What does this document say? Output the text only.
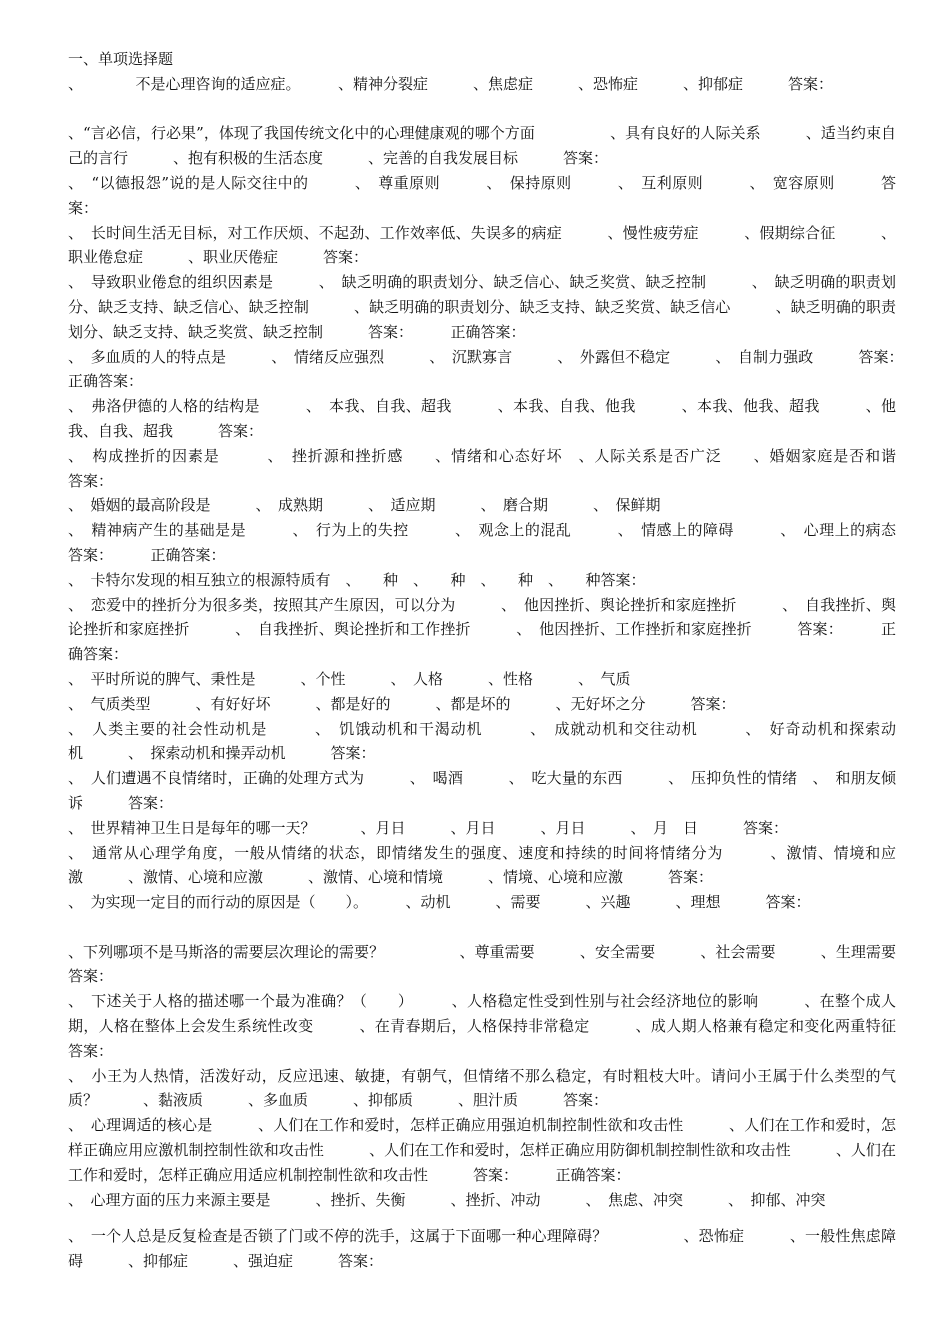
一、单项选择题

、　　　　不是心理咨询的适应症。　　　、精神分裂症　　　、焦虑症　　　、恐怖症　　　、抑郁症　　　答案：

、“言必信，行必果”，体现了我国传统文化中的心理健康观的哪个方面　　　　　、具有良好的人际关系　　　、适当约束自己的言行　　　、抱有积极的生活态度　　　、完善的自我发展目标　　　答案：

、　“以德报怨”说的是人际交往中的　　　、　尊重原则　　　、　保持原则　　　、　互利原则　　　、　宽容原则　　　答案：

、　长时间生活无目标，对工作厌烦、不起劲、工作效率低、失误多的病症　　　、慢性疲劳症　　　、假期综合征　　　、职业倦怠症　　　、职业厌倦症　　　答案：

、　导致职业倦怠的组织因素是　　　、　缺乏明确的职责划分、缺乏信心、缺乏奖赏、缺乏控制　　　、　缺乏明确的职责划分、缺乏支持、缺乏信心、缺乏控制　　　、缺乏明确的职责划分、缺乏支持、缺乏奖赏、缺乏信心　　　、缺乏明确的职责划分、缺乏支持、缺乏奖赏、缺乏控制　　　答案：　　　正确答案：

、　多血质的人的特点是　　　、　情绪反应强烈　　　、　沉默寡言　　　、　外露但不稳定　　　、　自制力强政　　　答案：　　　正确答案：

、　弗洛伊德的人格的结构是　　　、　本我、自我、超我　　　、本我、自我、他我　　　、本我、他我、超我　　　、他我、自我、超我　　　答案：

、　构成挫折的因素是　　　、　挫折源和挫折感　　、情绪和心态好坏　、人际关系是否广泛　　、婚姻家庭是否和谐　　　答案：

、　婚姻的最高阶段是　　　、　成熟期　　　、　适应期　　　、　磨合期　　　、　保鲜期

、　精神病产生的基础是是　　　、　行为上的失控　　　、　观念上的混乱　　　、　情感上的障碍　　　、　心理上的病态　　　答案：　　　正确答案：

、　卡特尔发现的相互独立的根源特质有　、　　种　、　　种　、　　种　、　　种答案：

、　恋爱中的挫折分为很多类，按照其产生原因，可以分为　　　、　他因挫折、舆论挫折和家庭挫折　　　、　自我挫折、舆论挫折和家庭挫折　　　、　自我挫折、舆论挫折和工作挫折　　　、　他因挫折、工作挫折和家庭挫折　　　答案：　　　正确答案：

、　平时所说的脾气、秉性是　　　、个性　　　、　人格　　　、性格　　　、　气质

、　气质类型　　　、有好好坏　　　、都是好的　　　、都是坏的　　　、无好坏之分　　　答案：

、　人类主要的社会性动机是　　　、　饥饿动机和干渴动机　　　、　成就动机和交往动机　　　、　好奇动机和探索动机　　　、　探索动机和操弄动机　　　答案：

、　人们遭遇不良情绪时，正确的处理方式为　　　、　喝酒　　　、　吃大量的东西　　　、　压抑负性的情绪　、　和朋友倾诉　　　答案：

、　世界精神卫生日是每年的哪一天？　　　、月日　　　、月日　　　、月日　　　、　月　日　　　答案：

、　通常从心理学角度，一般从情绪的状态，即情绪发生的强度、速度和持续的时间将情绪分为　　　、激情、情境和应激　　　、激情、心境和应激　　　、激情、心境和情境　　　、情境、心境和应激　　　答案：

、　为实现一定目的而行动的原因是（　　）。　　　、动机　　　、需要　　　、兴趣　　　、理想　　　答案：

、下列哪项不是马斯洛的需要层次理论的需要？　　　　　、尊重需要　　　、安全需要　　　、社会需要　　　、生理需要　　　答案：

、　下述关于人格的描述哪一个最为准确？（　　）　　　、人格稳定性受到性别与社会经济地位的影响　　　、在整个成人期，人格在整体上会发生系统性改变　　　、在青春期后，人格保持非常稳定　　　、成人期人格兼有稳定和变化两重特征　　　答案：

、　小王为人热情，活泼好动，反应迅速、敏捷，有朝气，但情绪不那么稳定，有时粗枝大叶。请问小王属于什么类型的气质？　　　、黏液质　　　、多血质　　　、抑郁质　　　、胆汁质　　　答案：

、　心理调适的核心是　　　、人们在工作和爱时，怎样正确应用强迫机制控制性欲和攻击性　　　、人们在工作和爱时，怎样正确应用应激机制控制性欲和攻击性　　　、人们在工作和爱时，怎样正确应用防御机制控制性欲和攻击性　　　、人们在工作和爱时，怎样正确应用适应机制控制性欲和攻击性　　　答案：　　　正确答案：

、　心理方面的压力来源主要是　　　、挫折、失衡　　　、挫折、冲动　　　、　焦虑、冲突　　　、　抑郁、冲突

、　一个人总是反复检查是否锁了门或不停的洗手，这属于下面哪一种心理障碍？　　　　　、恐怖症　　　、一般性焦虑障碍　　　、抑郁症　　　、强迫症　　　答案：
